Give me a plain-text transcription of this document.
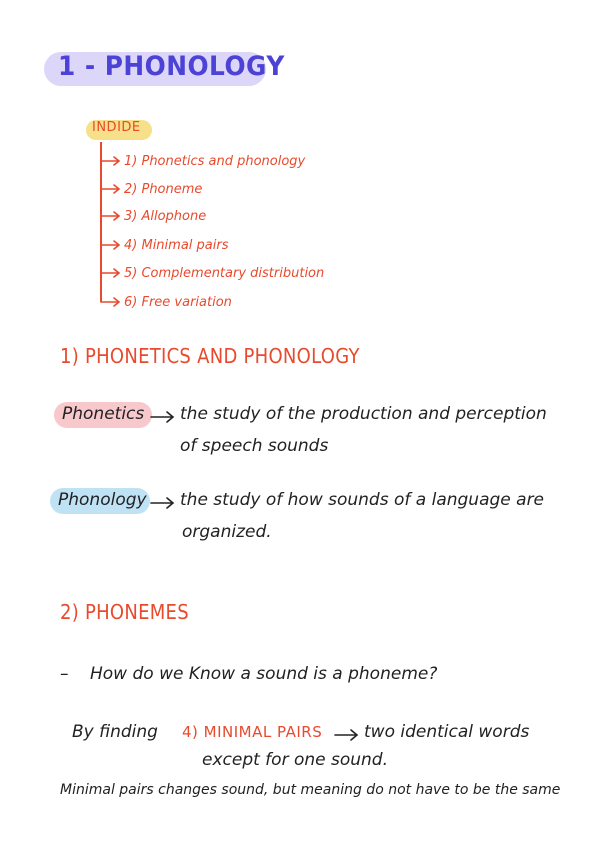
1 - PHONOLOGY
INDIDE
1) Phonetics and phonology
2) Phoneme
3) Allophone
4) Minimal pairs
5) Complementary distribution
6) Free variation
1) PHONETICS AND PHONOLOGY
Phonetics the study of the production and perception
of speech sounds
Phonology the study of how sounds of a language are
organized.
2) PHONEMES
– How do we Know a sound is a phoneme?
By finding 4) MINIMAL PAIRS two identical words
except for one sound.
Minimal pairs changes sound, but meaning do not have to be the same
